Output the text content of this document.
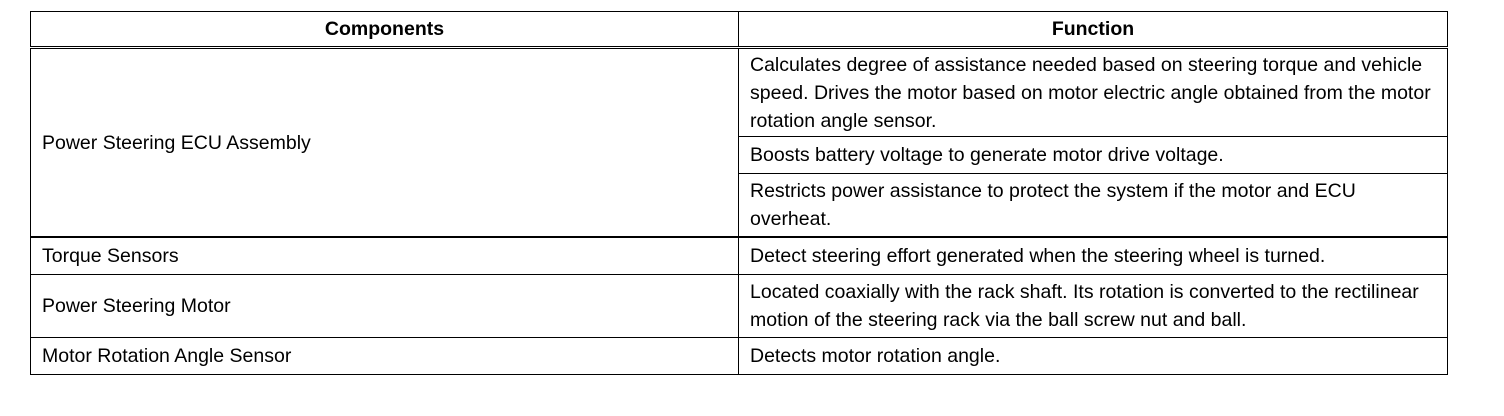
Components	Function
Power Steering ECU Assembly	Calculates degree of assistance needed based on steering torque and vehicle speed. Drives the motor based on motor electric angle obtained from the motor rotation angle sensor.
	Boosts battery voltage to generate motor drive voltage.
	Restricts power assistance to protect the system if the motor and ECU overheat.
Torque Sensors	Detect steering effort generated when the steering wheel is turned.
Power Steering Motor	Located coaxially with the rack shaft. Its rotation is converted to the rectilinear motion of the steering rack via the ball screw nut and ball.
Motor Rotation Angle Sensor	Detects motor rotation angle.
